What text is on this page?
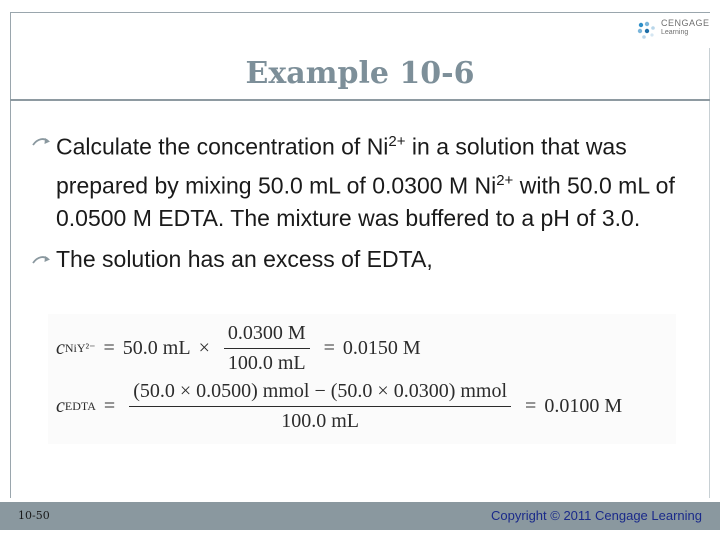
CENGAGE
Learning
Example 10-6
Calculate the concentration of $Ni^{2+}$ in a solution that was prepared by mixing 50.0 mL of 0.0300 M $Ni^{2+}$ with 50.0 mL of 0.0500 M EDTA. The mixture was buffered to a pH of 3.0.
The solution has an excess of EDTA,
c NiY²⁻ = 50.0 mL × $\frac{0.0300 M}{100.0 mL} = 0.0150$ M
c EDTA = $\frac{\text{(50.0 × 0.0500) mmol − (50.0 × 0.0300) mmol}}{100.0 mL} = 0.0100$ M
10-50	Copyright © 2011 Cengage Learning
